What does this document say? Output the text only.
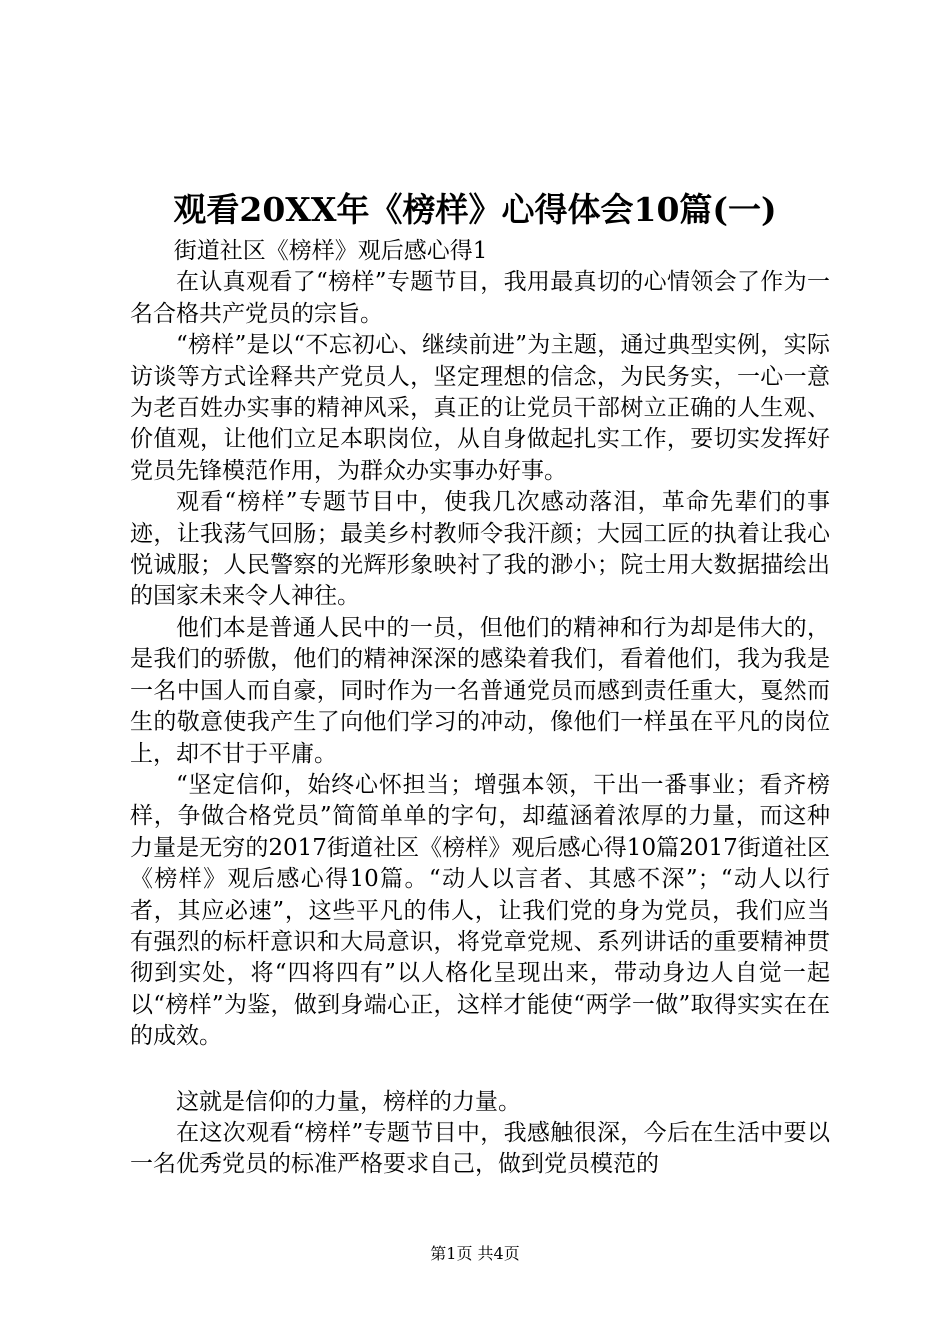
观看20XX年《榜样》心得体会10篇(一)

街道社区《榜样》观后感心得1

在认真观看了“榜样”专题节目，我用最真切的心情领会了作为一名合格共产党员的宗旨。

“榜样”是以“不忘初心、继续前进”为主题，通过典型实例，实际访谈等方式诠释共产党员人，坚定理想的信念，为民务实，一心一意为老百姓办实事的精神风采，真正的让党员干部树立正确的人生观、价值观，让他们立足本职岗位，从自身做起扎实工作，要切实发挥好党员先锋模范作用，为群众办实事办好事。

观看“榜样”专题节目中，使我几次感动落泪，革命先辈们的事迹，让我荡气回肠；最美乡村教师令我汗颜；大园工匠的执着让我心悦诚服；人民警察的光辉形象映衬了我的渺小；院士用大数据描绘出的国家未来令人神往。

他们本是普通人民中的一员，但他们的精神和行为却是伟大的，是我们的骄傲，他们的精神深深的感染着我们，看着他们，我为我是一名中国人而自豪，同时作为一名普通党员而感到责任重大，戛然而生的敬意使我产生了向他们学习的冲动，像他们一样虽在平凡的岗位上，却不甘于平庸。

“坚定信仰，始终心怀担当；增强本领，干出一番事业；看齐榜样，争做合格党员”简简单单的字句，却蕴涵着浓厚的力量，而这种力量是无穷的2017街道社区《榜样》观后感心得10篇2017街道社区《榜样》观后感心得10篇。“动人以言者、其感不深”；“动人以行者，其应必速”，这些平凡的伟人，让我们党的身为党员，我们应当有强烈的标杆意识和大局意识，将党章党规、系列讲话的重要精神贯彻到实处，将“四将四有”以人格化呈现出来，带动身边人自觉一起以“榜样”为鉴，做到身端心正，这样才能使“两学一做”取得实实在在的成效。

这就是信仰的力量，榜样的力量。

在这次观看“榜样”专题节目中，我感触很深，今后在生活中要以一名优秀党员的标准严格要求自己，做到党员模范的

第1页 共4页
